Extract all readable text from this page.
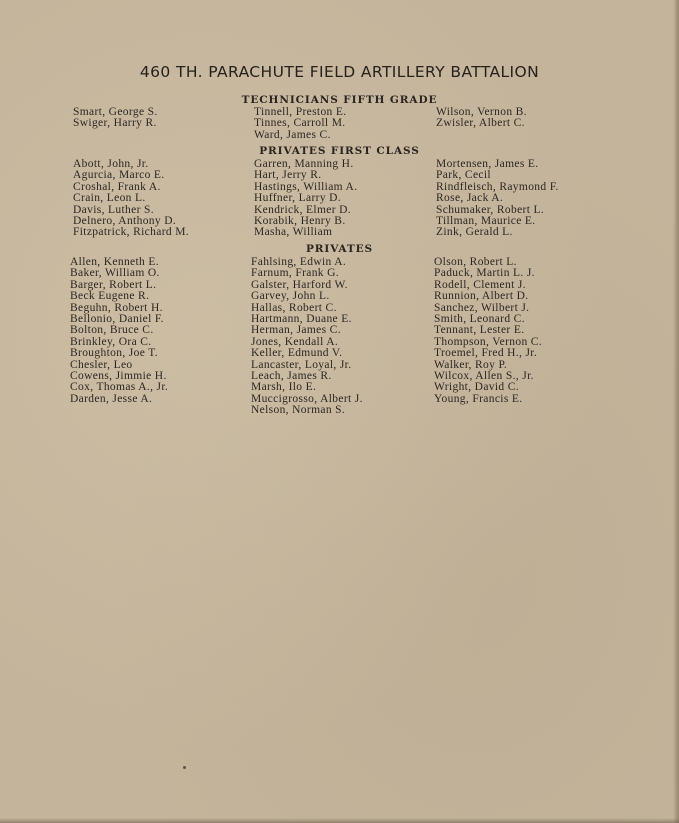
460 TH. PARACHUTE FIELD ARTILLERY BATTALION
TECHNICIANS FIFTH GRADE
Smart, George S.
Swiger, Harry R.
Tinnell, Preston E.
Tinnes, Carroll M.
Ward, James C.
Wilson, Vernon B.
Zwisler, Albert C.
PRIVATES FIRST CLASS
Abott, John, Jr.
Agurcia, Marco E.
Croshal, Frank A.
Crain, Leon L.
Davis, Luther S.
Delnero, Anthony D.
Fitzpatrick, Richard M.
Garren, Manning H.
Hart, Jerry R.
Hastings, William A.
Huffner, Larry D.
Kendrick, Elmer D.
Korabik, Henry B.
Masha, William
Mortensen, James E.
Park, Cecil
Rindfleisch, Raymond F.
Rose, Jack A.
Schumaker, Robert L.
Tillman, Maurice E.
Zink, Gerald L.
PRIVATES
Allen, Kenneth E.
Baker, William O.
Barger, Robert L.
Beck Eugene R.
Beguhn, Robert H.
Bellonio, Daniel F.
Bolton, Bruce C.
Brinkley, Ora C.
Broughton, Joe T.
Chesler, Leo
Cowens, Jimmie H.
Cox, Thomas A., Jr.
Darden, Jesse A.
Fahlsing, Edwin A.
Farnum, Frank G.
Galster, Harford W.
Garvey, John L.
Hallas, Robert C.
Hartmann, Duane E.
Herman, James C.
Jones, Kendall A.
Keller, Edmund V.
Lancaster, Loyal, Jr.
Leach, James R.
Marsh, Ilo E.
Muccigrosso, Albert J.
Nelson, Norman S.
Olson, Robert L.
Paduck, Martin L. J.
Rodell, Clement J.
Runnion, Albert D.
Sanchez, Wilbert J.
Smith, Leonard C.
Tennant, Lester E.
Thompson, Vernon C.
Troemel, Fred H., Jr.
Walker, Roy P.
Wilcox, Allen S., Jr.
Wright, David C.
Young, Francis E.
